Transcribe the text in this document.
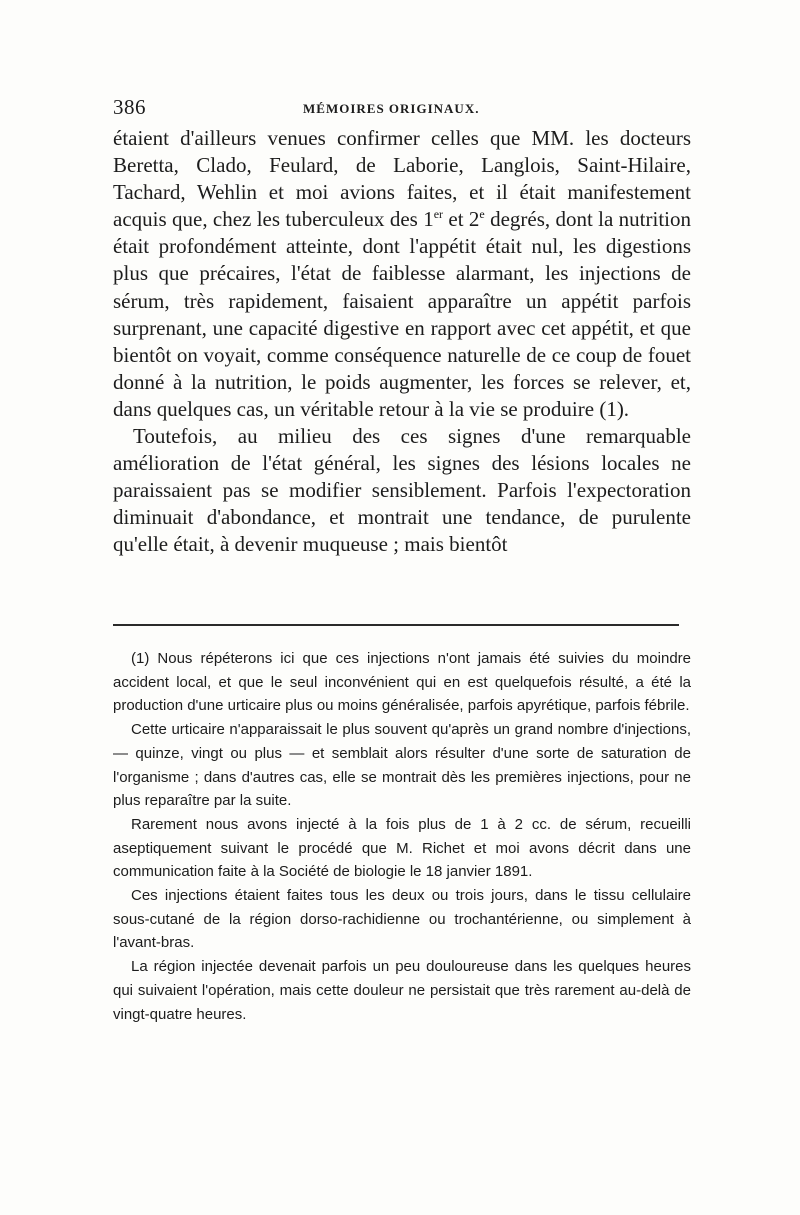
386	MÉMOIRES ORIGINAUX.

étaient d'ailleurs venues confirmer celles que MM. les docteurs Beretta, Clado, Feulard, de Laborie, Langlois, Saint-Hilaire, Tachard, Wehlin et moi avions faites, et il était manifestement acquis que, chez les tuberculeux des 1er et 2e degrés, dont la nutrition était profondément atteinte, dont l'appétit était nul, les digestions plus que précaires, l'état de faiblesse alarmant, les injections de sérum, très rapidement, faisaient apparaître un appétit parfois surprenant, une capacité digestive en rapport avec cet appétit, et que bientôt on voyait, comme conséquence naturelle de ce coup de fouet donné à la nutrition, le poids augmenter, les forces se relever, et, dans quelques cas, un véritable retour à la vie se produire (1).

Toutefois, au milieu des ces signes d'une remarquable amélioration de l'état général, les signes des lésions locales ne paraissaient pas se modifier sensiblement. Parfois l'expectoration diminuait d'abondance, et montrait une tendance, de purulente qu'elle était, à devenir muqueuse ; mais bientôt

(1) Nous répéterons ici que ces injections n'ont jamais été suivies du moindre accident local, et que le seul inconvénient qui en est quelquefois résulté, a été la production d'une urticaire plus ou moins généralisée, parfois apyrétique, parfois fébrile.

Cette urticaire n'apparaissait le plus souvent qu'après un grand nombre d'injections, — quinze, vingt ou plus — et semblait alors résulter d'une sorte de saturation de l'organisme ; dans d'autres cas, elle se montrait dès les premières injections, pour ne plus reparaître par la suite.

Rarement nous avons injecté à la fois plus de 1 à 2 cc. de sérum, recueilli aseptiquement suivant le procédé que M. Richet et moi avons décrit dans une communication faite à la Société de biologie le 18 janvier 1891.

Ces injections étaient faites tous les deux ou trois jours, dans le tissu cellulaire sous-cutané de la région dorso-rachidienne ou trochantérienne, ou simplement à l'avant-bras.

La région injectée devenait parfois un peu douloureuse dans les quelques heures qui suivaient l'opération, mais cette douleur ne persistait que très rarement au-delà de vingt-quatre heures.
